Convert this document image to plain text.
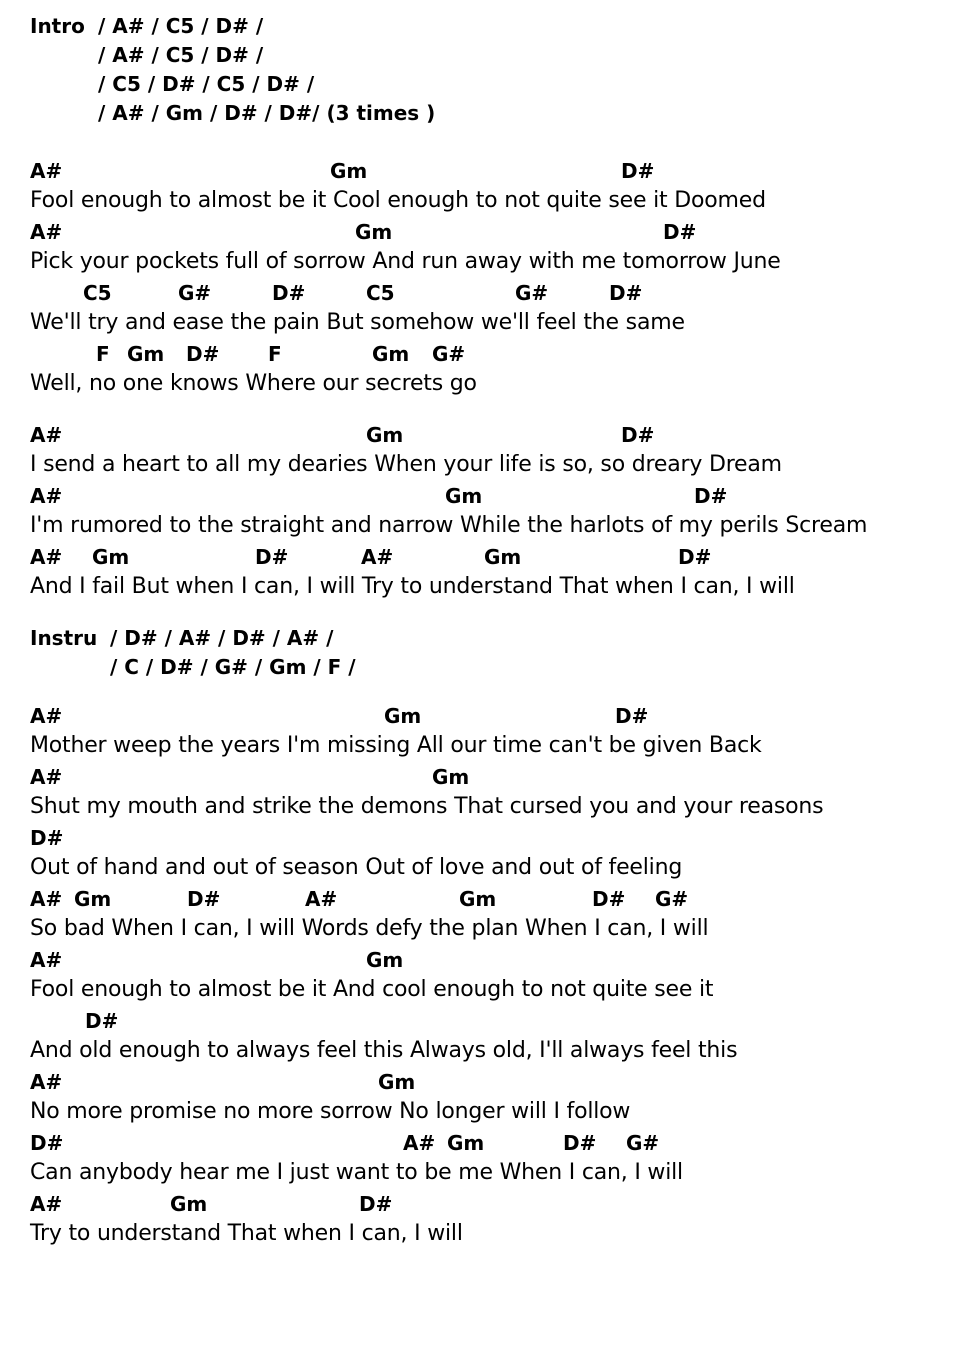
Intro / A# / C5 / D# /
/ A# / C5 / D# /
/ C5 / D# / C5 / D# /
/ A# / Gm / D# / D#/ (3 times )
A#	Gm	D#
Fool enough to almost be it Cool enough to not quite see it Doomed
A#	Gm	D#
Pick your pockets full of sorrow And run away with me tomorrow June
C5	G#	D#	C5	G#	D#
We'll try and ease the pain But somehow we'll feel the same
F Gm D# F	Gm G#
Well, no one knows Where our secrets go
A#	Gm	D#
I send a heart to all my dearies When your life is so, so dreary Dream
A#	Gm	D#
I'm rumored to the straight and narrow While the harlots of my perils Scream
A# Gm	D#	A#	Gm	D#
And I fail But when I can, I will Try to understand That when I can, I will
Instru / D# / A# / D# / A# /
/ C / D# / G# / Gm / F /
A#	Gm	D#
Mother weep the years I'm missing All our time can't be given Back
A#	Gm
Shut my mouth and strike the demons That cursed you and your reasons
D#
Out of hand and out of season Out of love and out of feeling
A# Gm	D#	A#	Gm	D# G#
So bad When I can, I will Words defy the plan When I can, I will
A#	Gm
Fool enough to almost be it And cool enough to not quite see it
D#
And old enough to always feel this Always old, I'll always feel this
A#	Gm
No more promise no more sorrow No longer will I follow
D#	A# Gm	D# G#
Can anybody hear me I just want to be me When I can, I will
A#	Gm	D#
Try to understand That when I can, I will
